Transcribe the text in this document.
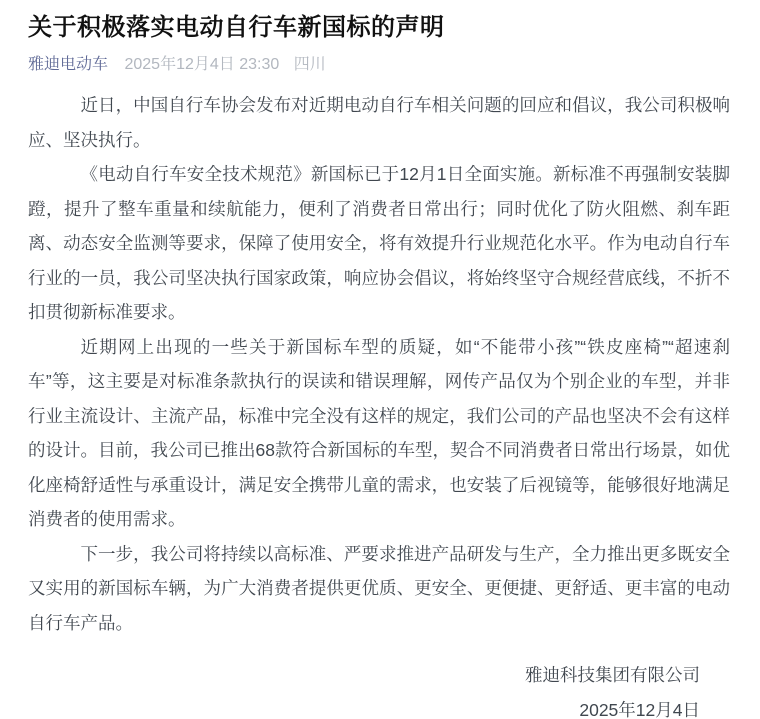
关于积极落实电动自行车新国标的声明
雅迪电动车 2025年12月4日 23:30 四川

近日，中国自行车协会发布对近期电动自行车相关问题的回应和倡议，我公司积极响应、坚决执行。

《电动自行车安全技术规范》新国标已于12月1日全面实施。新标准不再强制安装脚蹬，提升了整车重量和续航能力，便利了消费者日常出行；同时优化了防火阻燃、刹车距离、动态安全监测等要求，保障了使用安全，将有效提升行业规范化水平。作为电动自行车行业的一员，我公司坚决执行国家政策，响应协会倡议，将始终坚守合规经营底线，不折不扣贯彻新标准要求。

近期网上出现的一些关于新国标车型的质疑，如“不能带小孩”“铁皮座椅”“超速刹车”等，这主要是对标准条款执行的误读和错误理解，网传产品仅为个别企业的车型，并非行业主流设计、主流产品，标准中完全没有这样的规定，我们公司的产品也坚决不会有这样的设计。目前，我公司已推出68款符合新国标的车型，契合不同消费者日常出行场景，如优化座椅舒适性与承重设计，满足安全携带儿童的需求，也安装了后视镜等，能够很好地满足消费者的使用需求。

下一步，我公司将持续以高标准、严要求推进产品研发与生产，全力推出更多既安全又实用的新国标车辆，为广大消费者提供更优质、更安全、更便捷、更舒适、更丰富的电动自行车产品。

雅迪科技集团有限公司
2025年12月4日
